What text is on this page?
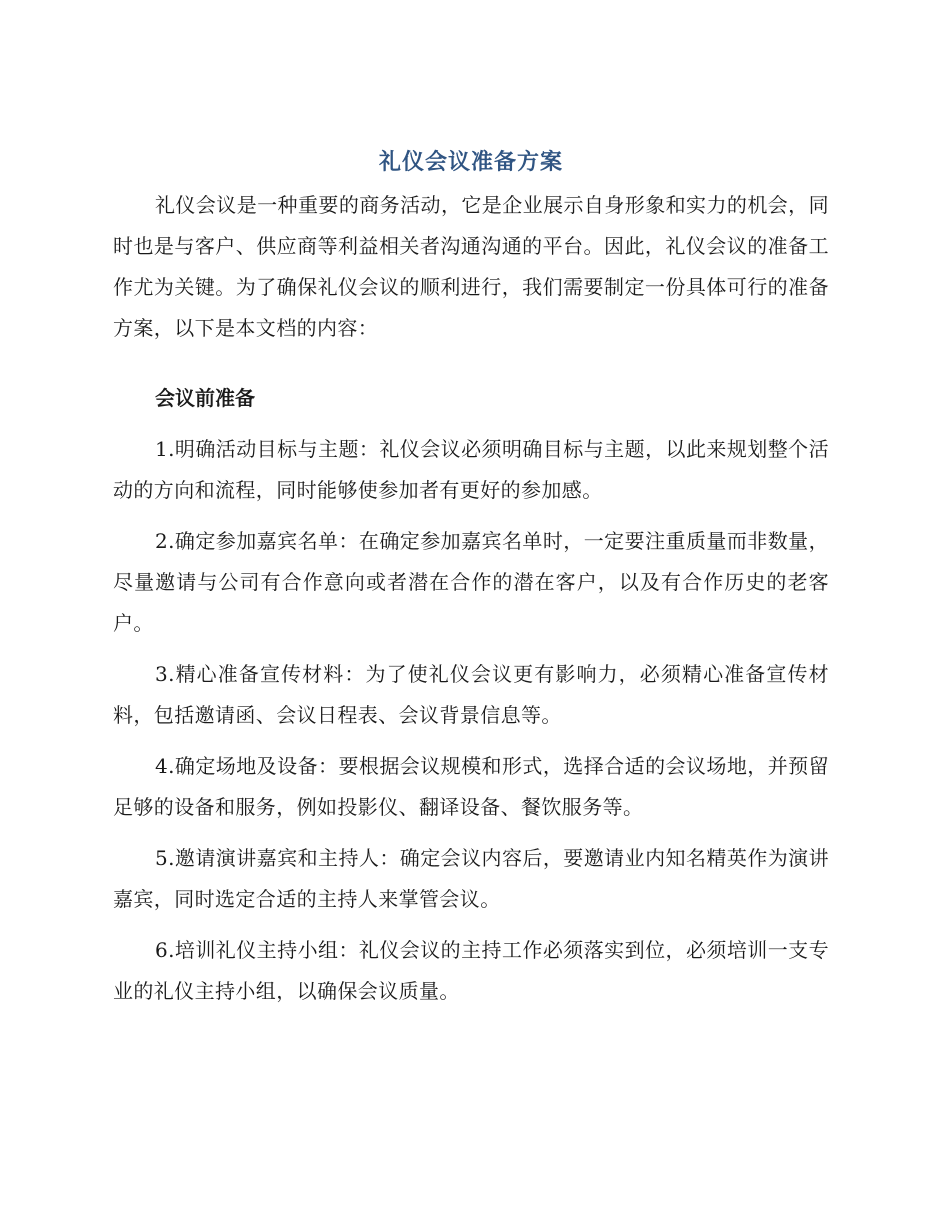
礼仪会议准备方案

礼仪会议是一种重要的商务活动，它是企业展示自身形象和实力的机会，同时也是与客户、供应商等利益相关者沟通沟通的平台。因此，礼仪会议的准备工作尤为关键。为了确保礼仪会议的顺利进行，我们需要制定一份具体可行的准备方案，以下是本文档的内容：

会议前准备

1.明确活动目标与主题：礼仪会议必须明确目标与主题，以此来规划整个活动的方向和流程，同时能够使参加者有更好的参加感。

2.确定参加嘉宾名单：在确定参加嘉宾名单时，一定要注重质量而非数量，尽量邀请与公司有合作意向或者潜在合作的潜在客户，以及有合作历史的老客户。

3.精心准备宣传材料：为了使礼仪会议更有影响力，必须精心准备宣传材料，包括邀请函、会议日程表、会议背景信息等。

4.确定场地及设备：要根据会议规模和形式，选择合适的会议场地，并预留足够的设备和服务，例如投影仪、翻译设备、餐饮服务等。

5.邀请演讲嘉宾和主持人：确定会议内容后，要邀请业内知名精英作为演讲嘉宾，同时选定合适的主持人来掌管会议。

6.培训礼仪主持小组：礼仪会议的主持工作必须落实到位，必须培训一支专业的礼仪主持小组，以确保会议质量。
